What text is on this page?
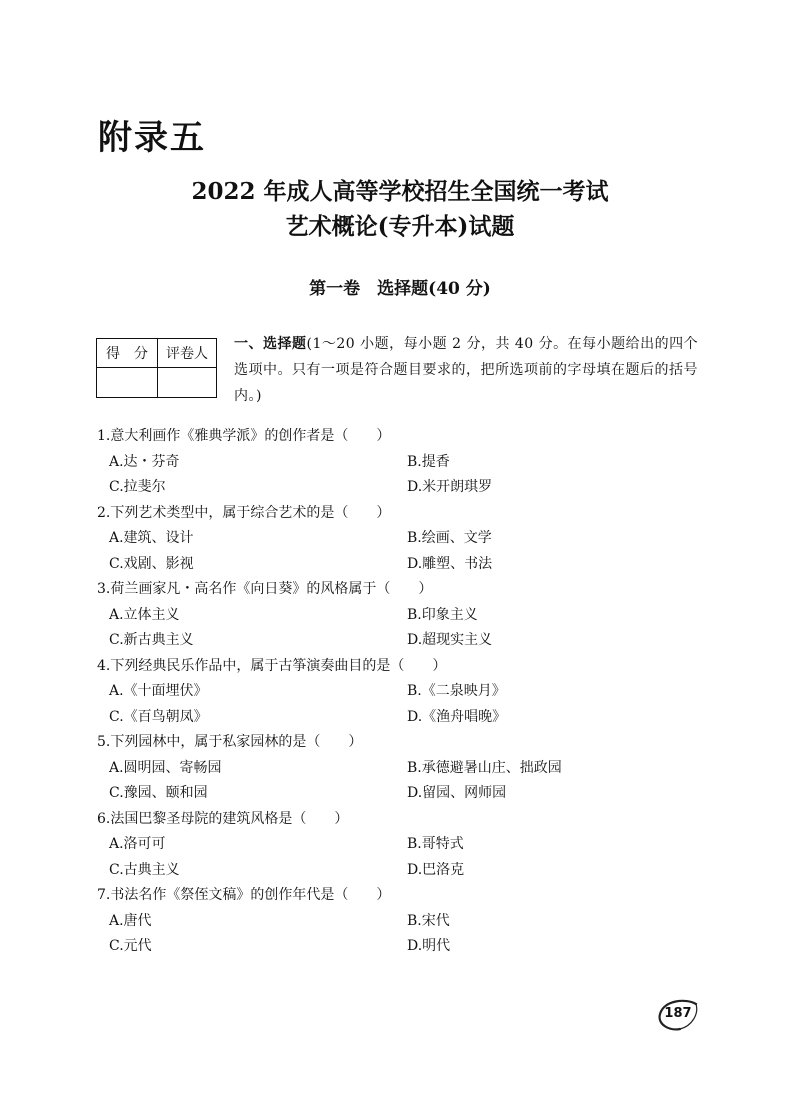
附录五
2022 年成人高等学校招生全国统一考试
艺术概论(专升本)试题
第一卷　选择题(40 分)
得　分	评卷人

一、选择题(1～20 小题，每小题 2 分，共 40 分。在每小题给出的四个选项中。只有一项是符合题目要求的，把所选项前的字母填在题后的括号内。)
1.意大利画作《雅典学派》的创作者是（　　）
A.达・芬奇	B.提香
C.拉斐尔	D.米开朗琪罗
2.下列艺术类型中，属于综合艺术的是（　　）
A.建筑、设计	B.绘画、文学
C.戏剧、影视	D.雕塑、书法
3.荷兰画家凡・高名作《向日葵》的风格属于（　　）
A.立体主义	B.印象主义
C.新古典主义	D.超现实主义
4.下列经典民乐作品中，属于古筝演奏曲目的是（　　）
A.《十面埋伏》	B.《二泉映月》
C.《百鸟朝凤》	D.《渔舟唱晚》
5.下列园林中，属于私家园林的是（　　）
A.圆明园、寄畅园	B.承德避暑山庄、拙政园
C.豫园、颐和园	D.留园、网师园
6.法国巴黎圣母院的建筑风格是（　　）
A.洛可可	B.哥特式
C.古典主义	D.巴洛克
7.书法名作《祭侄文稿》的创作年代是（　　）
A.唐代	B.宋代
C.元代	D.明代
187
